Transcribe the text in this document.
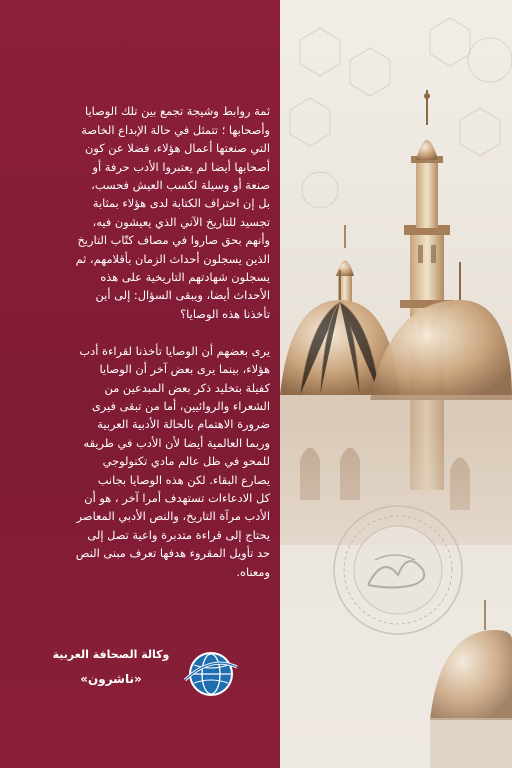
ثمة روابط وشيجة تجمع بين تلك الوصايا
وأصحابها ؛ تتمثل في حالة الإبداع الخاصة
التي صنعتها أعمال هؤلاء، فضلا عن كون
أصحابها أيضا لم يعتبروا الأدب حرفة أو
صنعة أو وسيلة لكسب العيش فحسب،
بل إن احتراف الكتابة لدى هؤلاء بمثابة
تجسيد للتاريخ الآني الذي يعيشون فيه،
وأنهم بحق صاروا في مصاف كتّاب التاريخ
الذين يسجلون أحداث الزمان بأقلامهم، ثم
يسجلون شهادتهم التاريخية على هذه
الأحداث أيضا، ويبقى السؤال: إلى أين
تأخذنا هذه الوصايا؟

يرى بعضهم أن الوصايا تأخذنا لقراءة أدب
هؤلاء، بينما يرى بعض آخر أن الوصايا
كفيلة بتخليد ذكر بعض المبدعين من
الشعراء والروائيين، أما من تبقى فيرى
ضرورة الاهتمام بالحالة الأدبية العربية
وربما العالمية أيضا لأن الأدب في طريقه
للمحو في ظل عالم مادي تكنولوجي
يصارع البقاء. لكن هذه الوصايا بجانب
كل الادعاءات تستهدف أمرا آخر ، هو أن
الأدب مرآة التاريخ، والنص الأدبي المعاصر
يحتاج إلى قراءة متدبرة واعية تصل إلى
حد تأويل المقروء هدفها تعرف مبنى النص
ومعناه.

وكالة الصحافة العربية
«ناشرون»
